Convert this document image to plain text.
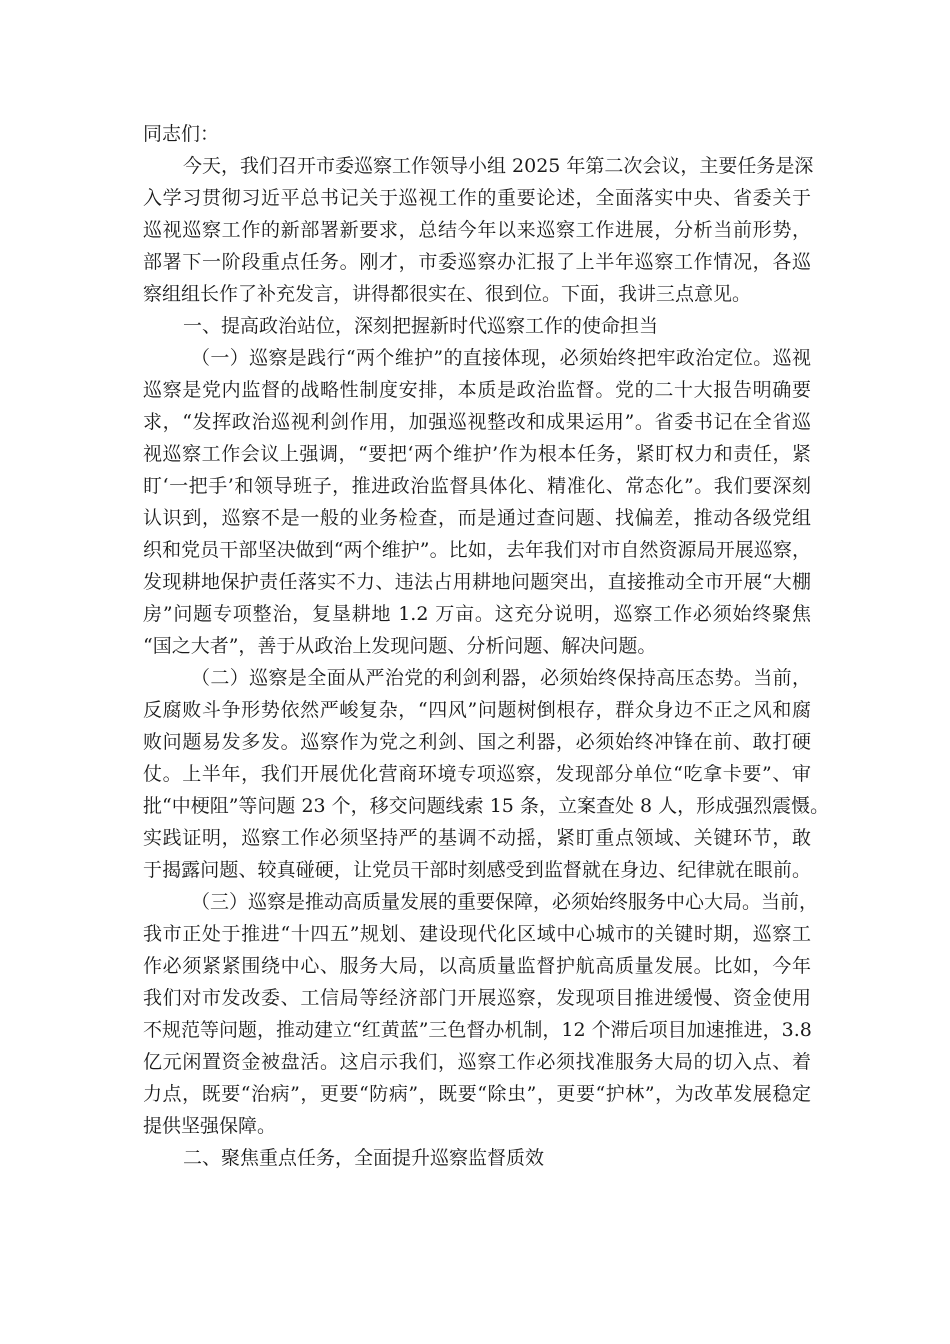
同志们：
今天，我们召开市委巡察工作领导小组 2025 年第二次会议，主要任务是深
入学习贯彻习近平总书记关于巡视工作的重要论述，全面落实中央、省委关于
巡视巡察工作的新部署新要求，总结今年以来巡察工作进展，分析当前形势，
部署下一阶段重点任务。刚才，市委巡察办汇报了上半年巡察工作情况，各巡
察组组长作了补充发言，讲得都很实在、很到位。下面，我讲三点意见。
一、提高政治站位，深刻把握新时代巡察工作的使命担当
（一）巡察是践行“两个维护”的直接体现，必须始终把牢政治定位。巡视
巡察是党内监督的战略性制度安排，本质是政治监督。党的二十大报告明确要
求，“发挥政治巡视利剑作用，加强巡视整改和成果运用”。省委书记在全省巡
视巡察工作会议上强调，“要把‘两个维护’作为根本任务，紧盯权力和责任，紧
盯‘一把手’和领导班子，推进政治监督具体化、精准化、常态化”。我们要深刻
认识到，巡察不是一般的业务检查，而是通过查问题、找偏差，推动各级党组
织和党员干部坚决做到“两个维护”。比如，去年我们对市自然资源局开展巡察，
发现耕地保护责任落实不力、违法占用耕地问题突出，直接推动全市开展“大棚
房”问题专项整治，复垦耕地 1.2 万亩。这充分说明，巡察工作必须始终聚焦
“国之大者”，善于从政治上发现问题、分析问题、解决问题。
（二）巡察是全面从严治党的利剑利器，必须始终保持高压态势。当前，
反腐败斗争形势依然严峻复杂，“四风”问题树倒根存，群众身边不正之风和腐
败问题易发多发。巡察作为党之利剑、国之利器，必须始终冲锋在前、敢打硬
仗。上半年，我们开展优化营商环境专项巡察，发现部分单位“吃拿卡要”、审
批“中梗阻”等问题 23 个，移交问题线索 15 条，立案查处 8 人，形成强烈震慑。
实践证明，巡察工作必须坚持严的基调不动摇，紧盯重点领域、关键环节，敢
于揭露问题、较真碰硬，让党员干部时刻感受到监督就在身边、纪律就在眼前。
（三）巡察是推动高质量发展的重要保障，必须始终服务中心大局。当前，
我市正处于推进“十四五”规划、建设现代化区域中心城市的关键时期，巡察工
作必须紧紧围绕中心、服务大局，以高质量监督护航高质量发展。比如，今年
我们对市发改委、工信局等经济部门开展巡察，发现项目推进缓慢、资金使用
不规范等问题，推动建立“红黄蓝”三色督办机制，12 个滞后项目加速推进，3.8
亿元闲置资金被盘活。这启示我们，巡察工作必须找准服务大局的切入点、着
力点，既要“治病”，更要“防病”，既要“除虫”，更要“护林”，为改革发展稳定
提供坚强保障。
二、聚焦重点任务，全面提升巡察监督质效
